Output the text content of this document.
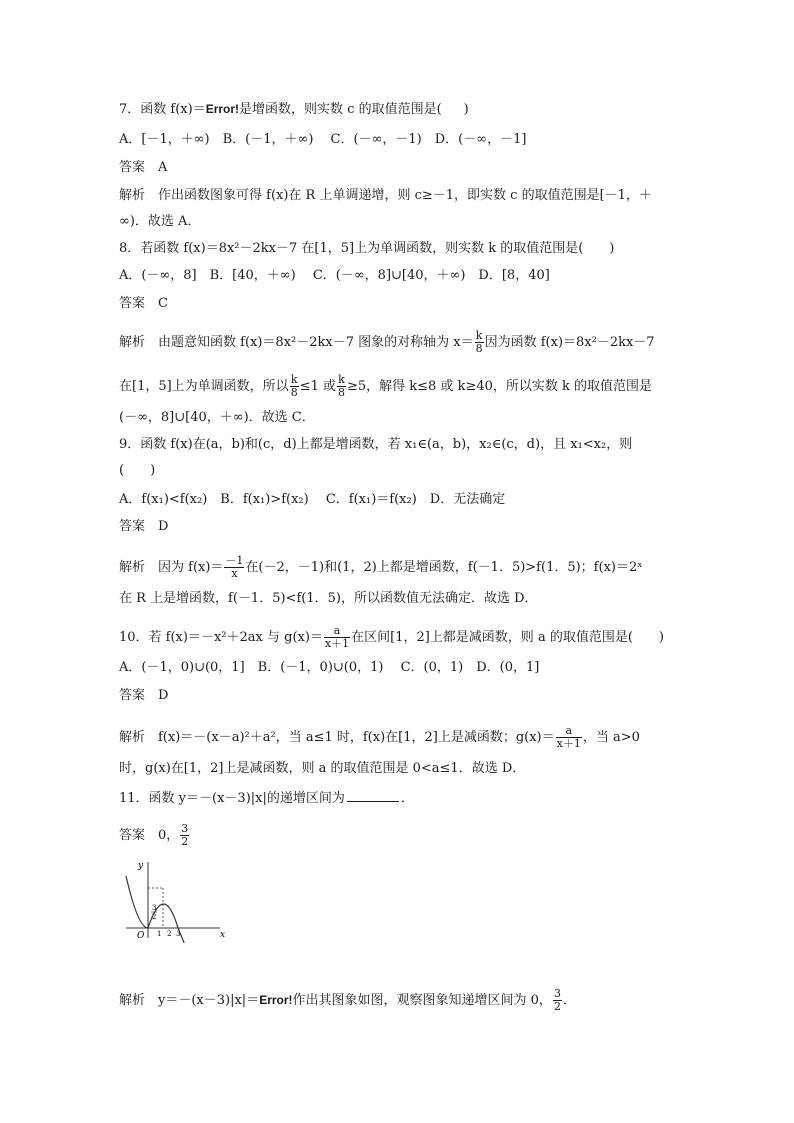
7．函数 f(x)＝Error!是增函数，则实数 c 的取值范围是( )
A．[－1，＋∞)　B．(－1，＋∞)　 C．(－∞，－1)　D．(－∞，－1]
答案　A
解析　作出函数图象可得 f(x)在 R 上单调递增，则 c≥－1，即实数 c 的取值范围是[－1，＋
∞)．故选 A．
8．若函数 f(x)＝8x²－2kx－7 在[1，5]上为单调函数，则实数 k 的取值范围是(　　)
A．(－∞，8]　B．[40，＋∞)　 C．(－∞，8]∪[40，＋∞)　D．[8，40]
答案　C
解析　由题意知函数 f(x)＝8x²－2kx－7 图象的对称轴为 $x= \frac{k}{8}$ 因为函数 f(x)＝8x²－2kx－7
在[1，5]上为单调函数，所以 $\frac{k}{8} \le 1$ 或 $\frac{k}{8} \ge 5$，解得 k≤8 或 k≥40，所以实数 k 的取值范围是
(－∞，8]∪[40，＋∞)．故选 C．
9．函数 f(x)在(a，b)和(c，d)上都是增函数，若 x₁∈(a，b)，x₂∈(c，d)，且 x₁<x₂，则
(　　)
A．f(x₁)<f(x₂)　B．f(x₁)>f(x₂)　 C．f(x₁)＝f(x₂)　D．无法确定
答案　D
解析　因为 $f(x)= \frac{-1}{x}$ 在(－2，－1)和(1，2)上都是增函数，f(－1．5)>f(1．5)；f(x)＝2ˣ
在 R 上是增函数，f(－1．5)<f(1．5)，所以函数值无法确定．故选 D．
10．若 f(x)＝－x²＋2ax 与 $g(x)= \frac{a}{x+1}$ 在区间[1，2]上都是减函数，则 a 的取值范围是(　　)
A．(－1，0)∪(0，1]　B．(－1，0)∪(0，1)　 C．(0，1)　D．(0，1]
答案　D
解析　f(x)＝－(x－a)²＋a²，当 a≤1 时，f(x)在[1，2]上是减函数；$g(x)= \frac{a}{x+1}$ ，当 a>0
时，g(x)在[1，2]上是减函数，则 a 的取值范围是 0<a≤1．故选 D．
11．函数 y＝－(x－3)|x|的递增区间为	．
答案　0， $\frac{3}{2}$
y
O	x
3
2
1 2 3
解析　y＝－(x－3)|x|＝Error!作出其图象如图，观察图象知递增区间为 0， $\frac{3}{2}$ ．
